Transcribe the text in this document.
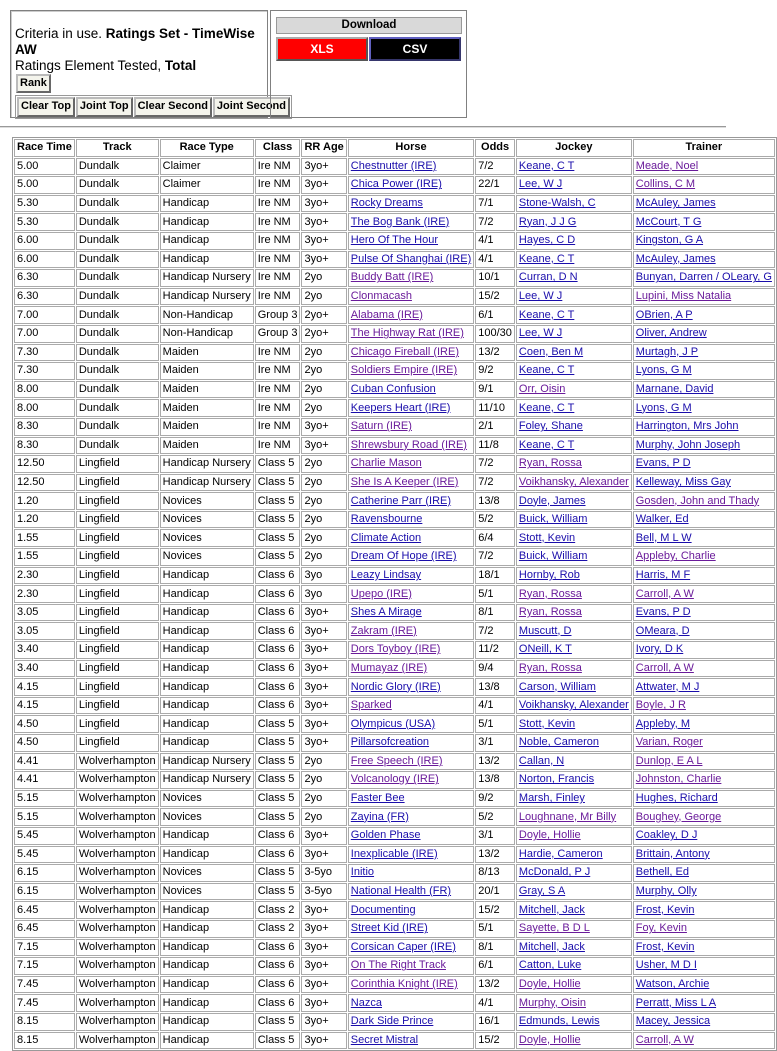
Criteria in use. Ratings Set - TimeWise AW
Ratings Element Tested, Total
Rank
Clear Top Joint Top Clear Second Joint Second
Download
XLS	CSV
Race Time	Track	Race Type	Class	RR Age	Horse	Odds	Jockey	Trainer
5.00	Dundalk	Claimer	Ire NM	3yo+	Chestnutter (IRE)	7/2	Keane, C T	Meade, Noel
5.00	Dundalk	Claimer	Ire NM	3yo+	Chica Power (IRE)	22/1	Lee, W J	Collins, C M
5.30	Dundalk	Handicap	Ire NM	3yo+	Rocky Dreams	7/1	Stone-Walsh, C	McAuley, James
5.30	Dundalk	Handicap	Ire NM	3yo+	The Bog Bank (IRE)	7/2	Ryan, J J G	McCourt, T G
6.00	Dundalk	Handicap	Ire NM	3yo+	Hero Of The Hour	4/1	Hayes, C D	Kingston, G A
6.00	Dundalk	Handicap	Ire NM	3yo+	Pulse Of Shanghai (IRE)	4/1	Keane, C T	McAuley, James
6.30	Dundalk	Handicap Nursery	Ire NM	2yo	Buddy Batt (IRE)	10/1	Curran, D N	Bunyan, Darren / OLeary, G
6.30	Dundalk	Handicap Nursery	Ire NM	2yo	Clonmacash	15/2	Lee, W J	Lupini, Miss Natalia
7.00	Dundalk	Non-Handicap	Group 3	2yo+	Alabama (IRE)	6/1	Keane, C T	OBrien, A P
7.00	Dundalk	Non-Handicap	Group 3	2yo+	The Highway Rat (IRE)	100/30	Lee, W J	Oliver, Andrew
7.30	Dundalk	Maiden	Ire NM	2yo	Chicago Fireball (IRE)	13/2	Coen, Ben M	Murtagh, J P
7.30	Dundalk	Maiden	Ire NM	2yo	Soldiers Empire (IRE)	9/2	Keane, C T	Lyons, G M
8.00	Dundalk	Maiden	Ire NM	2yo	Cuban Confusion	9/1	Orr, Oisin	Marnane, David
8.00	Dundalk	Maiden	Ire NM	2yo	Keepers Heart (IRE)	11/10	Keane, C T	Lyons, G M
8.30	Dundalk	Maiden	Ire NM	3yo+	Saturn (IRE)	2/1	Foley, Shane	Harrington, Mrs John
8.30	Dundalk	Maiden	Ire NM	3yo+	Shrewsbury Road (IRE)	11/8	Keane, C T	Murphy, John Joseph
12.50	Lingfield	Handicap Nursery	Class 5	2yo	Charlie Mason	7/2	Ryan, Rossa	Evans, P D
12.50	Lingfield	Handicap Nursery	Class 5	2yo	She Is A Keeper (IRE)	7/2	Voikhansky, Alexander	Kelleway, Miss Gay
1.20	Lingfield	Novices	Class 5	2yo	Catherine Parr (IRE)	13/8	Doyle, James	Gosden, John and Thady
1.20	Lingfield	Novices	Class 5	2yo	Ravensbourne	5/2	Buick, William	Walker, Ed
1.55	Lingfield	Novices	Class 5	2yo	Climate Action	6/4	Stott, Kevin	Bell, M L W
1.55	Lingfield	Novices	Class 5	2yo	Dream Of Hope (IRE)	7/2	Buick, William	Appleby, Charlie
2.30	Lingfield	Handicap	Class 6	3yo	Leazy Lindsay	18/1	Hornby, Rob	Harris, M F
2.30	Lingfield	Handicap	Class 6	3yo	Upepo (IRE)	5/1	Ryan, Rossa	Carroll, A W
3.05	Lingfield	Handicap	Class 6	3yo+	Shes A Mirage	8/1	Ryan, Rossa	Evans, P D
3.05	Lingfield	Handicap	Class 6	3yo+	Zakram (IRE)	7/2	Muscutt, D	OMeara, D
3.40	Lingfield	Handicap	Class 6	3yo+	Dors Toyboy (IRE)	11/2	ONeill, K T	Ivory, D K
3.40	Lingfield	Handicap	Class 6	3yo+	Mumayaz (IRE)	9/4	Ryan, Rossa	Carroll, A W
4.15	Lingfield	Handicap	Class 6	3yo+	Nordic Glory (IRE)	13/8	Carson, William	Attwater, M J
4.15	Lingfield	Handicap	Class 6	3yo+	Sparked	4/1	Voikhansky, Alexander	Boyle, J R
4.50	Lingfield	Handicap	Class 5	3yo+	Olympicus (USA)	5/1	Stott, Kevin	Appleby, M
4.50	Lingfield	Handicap	Class 5	3yo+	Pillarsofcreation	3/1	Noble, Cameron	Varian, Roger
4.41	Wolverhampton	Handicap Nursery	Class 5	2yo	Free Speech (IRE)	13/2	Callan, N	Dunlop, E A L
4.41	Wolverhampton	Handicap Nursery	Class 5	2yo	Volcanology (IRE)	13/8	Norton, Francis	Johnston, Charlie
5.15	Wolverhampton	Novices	Class 5	2yo	Faster Bee	9/2	Marsh, Finley	Hughes, Richard
5.15	Wolverhampton	Novices	Class 5	2yo	Zayina (FR)	5/2	Loughnane, Mr Billy	Boughey, George
5.45	Wolverhampton	Handicap	Class 6	3yo+	Golden Phase	3/1	Doyle, Hollie	Coakley, D J
5.45	Wolverhampton	Handicap	Class 6	3yo+	Inexplicable (IRE)	13/2	Hardie, Cameron	Brittain, Antony
6.15	Wolverhampton	Novices	Class 5	3-5yo	Initio	8/13	McDonald, P J	Bethell, Ed
6.15	Wolverhampton	Novices	Class 5	3-5yo	National Health (FR)	20/1	Gray, S A	Murphy, Olly
6.45	Wolverhampton	Handicap	Class 2	3yo+	Documenting	15/2	Mitchell, Jack	Frost, Kevin
6.45	Wolverhampton	Handicap	Class 2	3yo+	Street Kid (IRE)	5/1	Sayette, B D L	Foy, Kevin
7.15	Wolverhampton	Handicap	Class 6	3yo+	Corsican Caper (IRE)	8/1	Mitchell, Jack	Frost, Kevin
7.15	Wolverhampton	Handicap	Class 6	3yo+	On The Right Track	6/1	Catton, Luke	Usher, M D I
7.45	Wolverhampton	Handicap	Class 6	3yo+	Corinthia Knight (IRE)	13/2	Doyle, Hollie	Watson, Archie
7.45	Wolverhampton	Handicap	Class 6	3yo+	Nazca	4/1	Murphy, Oisin	Perratt, Miss L A
8.15	Wolverhampton	Handicap	Class 5	3yo+	Dark Side Prince	16/1	Edmunds, Lewis	Macey, Jessica
8.15	Wolverhampton	Handicap	Class 5	3yo+	Secret Mistral	15/2	Doyle, Hollie	Carroll, A W
